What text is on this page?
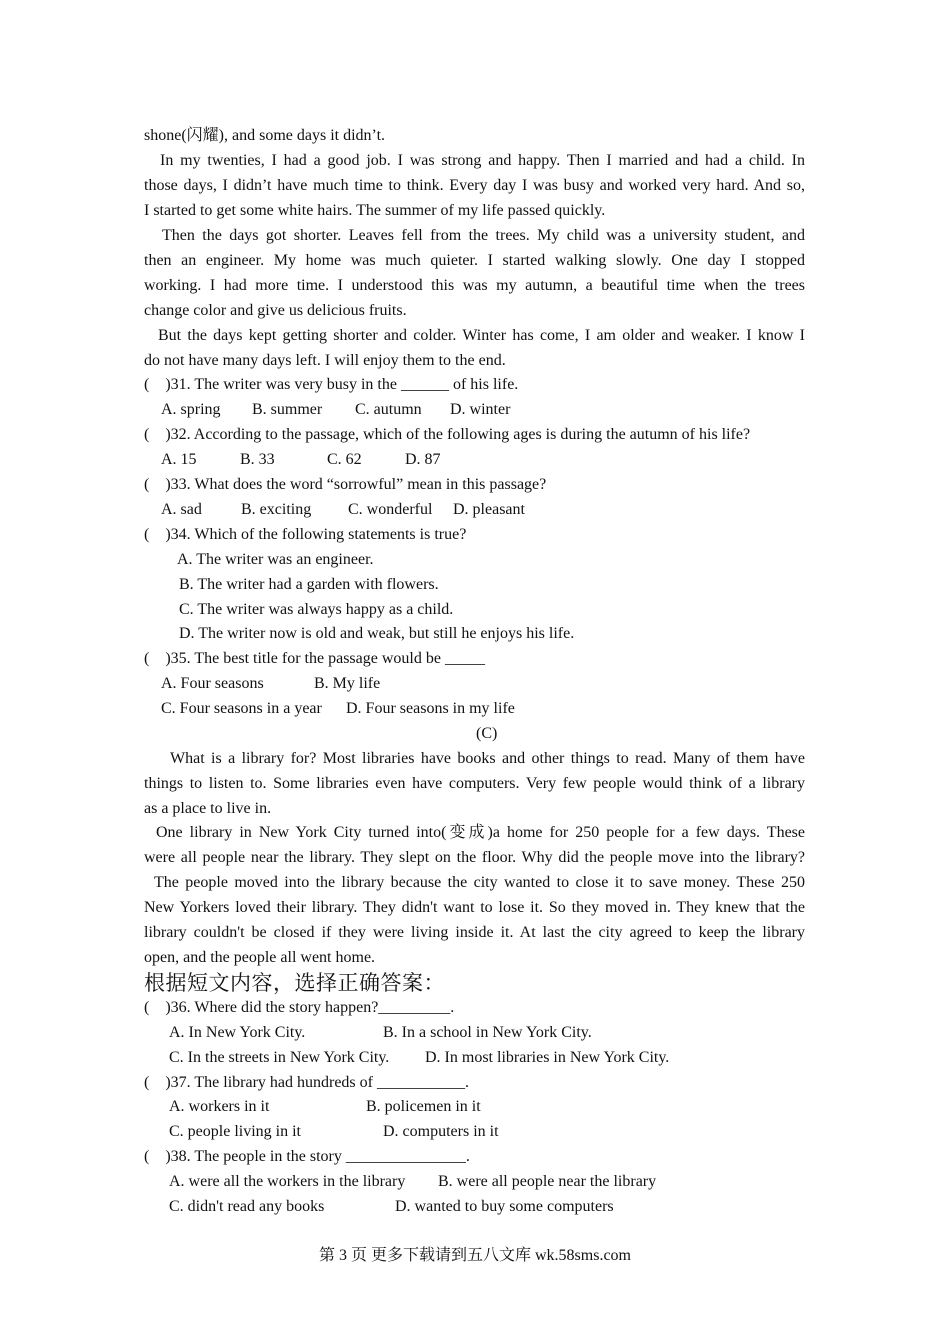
shone(闪耀), and some days it didn’t.
In my twenties, I had a good job. I was strong and happy. Then I married and had a child. In
those days, I didn’t have much time to think. Every day I was busy and worked very hard. And so,
I started to get some white hairs. The summer of my life passed quickly.
Then the days got shorter. Leaves fell from the trees. My child was a university student, and
then an engineer. My home was much quieter. I started walking slowly. One day I stopped
working. I had more time. I understood this was my autumn, a beautiful time when the trees
change color and give us delicious fruits.
But the days kept getting shorter and colder. Winter has come, I am older and weaker. I know I
do not have many days left. I will enjoy them to the end.
(    )31. The writer was very busy in the ______ of his life.
A. spring B. summer C. autumn D. winter
(    )32. According to the passage, which of the following ages is during the autumn of his life?
A. 15	B. 33	C. 62	D. 87
(    )33. What does the word “sorrowful” mean in this passage?
A. sad B. exciting C. wonderful D. pleasant
(    )34. Which of the following statements is true?
A. The writer was an engineer.
B. The writer had a garden with flowers.
C. The writer was always happy as a child.
D. The writer now is old and weak, but still he enjoys his life.
(    )35. The best title for the passage would be _____
A. Four seasons	B. My life
C. Four seasons in a year D. Four seasons in my life
(C)
What is a library for? Most libraries have books and other things to read. Many of them have
things to listen to. Some libraries even have computers. Very few people would think of a library
as a place to live in.
One library in New York City turned into(变成)a home for 250 people for a few days. These
were all people near the library. They slept on the floor. Why did the people move into the library?
The people moved into the library because the city wanted to close it to save money. These 250
New Yorkers loved their library. They didn't want to lose it. So they moved in. They knew that the
library couldn't be closed if they were living inside it. At last the city agreed to keep the library
open, and the people all went home.
根据短文内容，选择正确答案：
(    )36. Where did the story happen?_________.
A. In New York City.	B. In a school in New York City.
C. In the streets in New York City. D. In most libraries in New York City.
(    )37. The library had hundreds of ___________.
A. workers in it	B. policemen in it
C. people living in it	D. computers in it
(    )38. The people in the story _______________.
A. were all the workers in the library B. were all people near the library
C. didn't read any books	D. wanted to buy some computers
第 3 页 更多下载请到五八文库 wk.58sms.com
